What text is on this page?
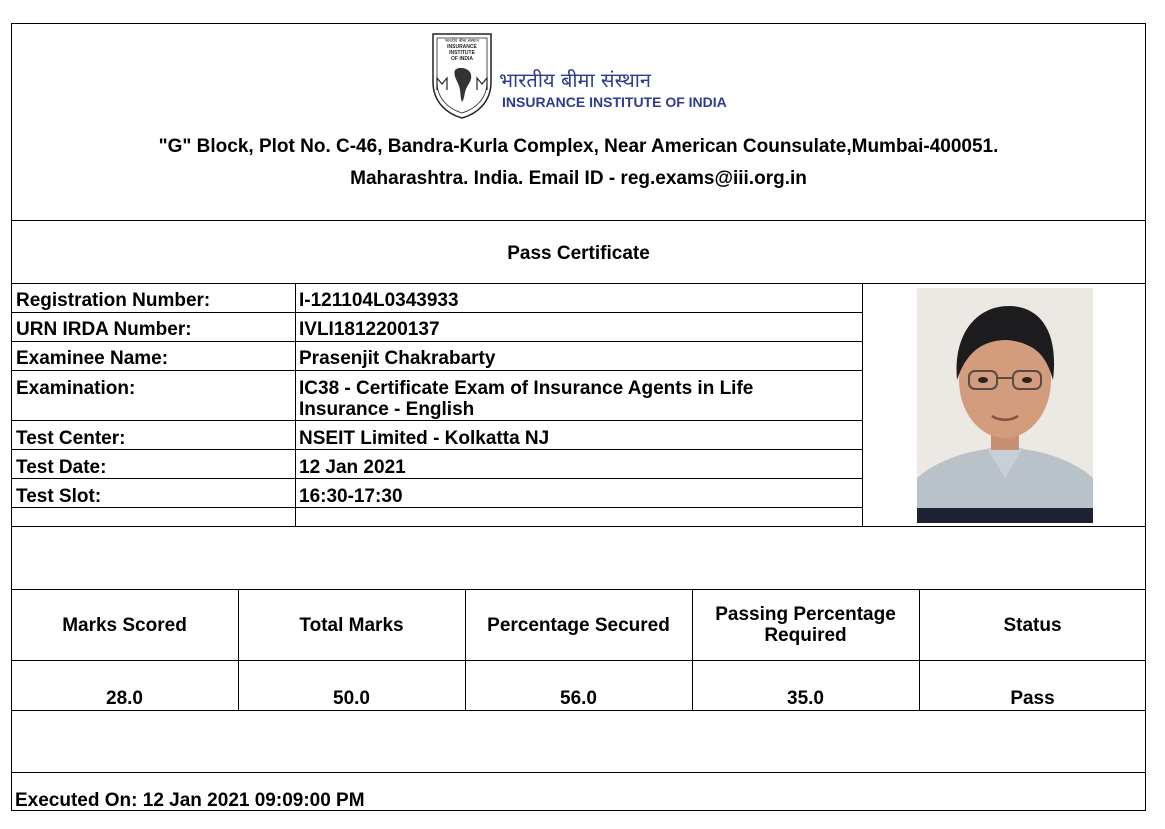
भारतीय बीमा संस्थान
INSURANCE
INSTITUTE
OF INDIA
भारतीय बीमा संस्थान
INSURANCE INSTITUTE OF INDIA
"G" Block, Plot No. C-46, Bandra-Kurla Complex, Near American Counsulate,Mumbai-400051.
Maharashtra. India. Email ID - reg.exams@iii.org.in
Pass Certificate
Registration Number:	I-121104L0343933
URN IRDA Number:	IVLI1812200137
Examinee Name:	Prasenjit Chakrabarty
Examination:	IC38 - Certificate Exam of Insurance Agents in Life Insurance - English
Test Center:	NSEIT Limited - Kolkatta NJ
Test Date:	12 Jan 2021
Test Slot:	16:30-17:30
Marks Scored	Total Marks	Percentage Secured	Passing Percentage Required	Status
28.0	50.0	56.0	35.0	Pass
Executed On: 12 Jan 2021 09:09:00 PM
